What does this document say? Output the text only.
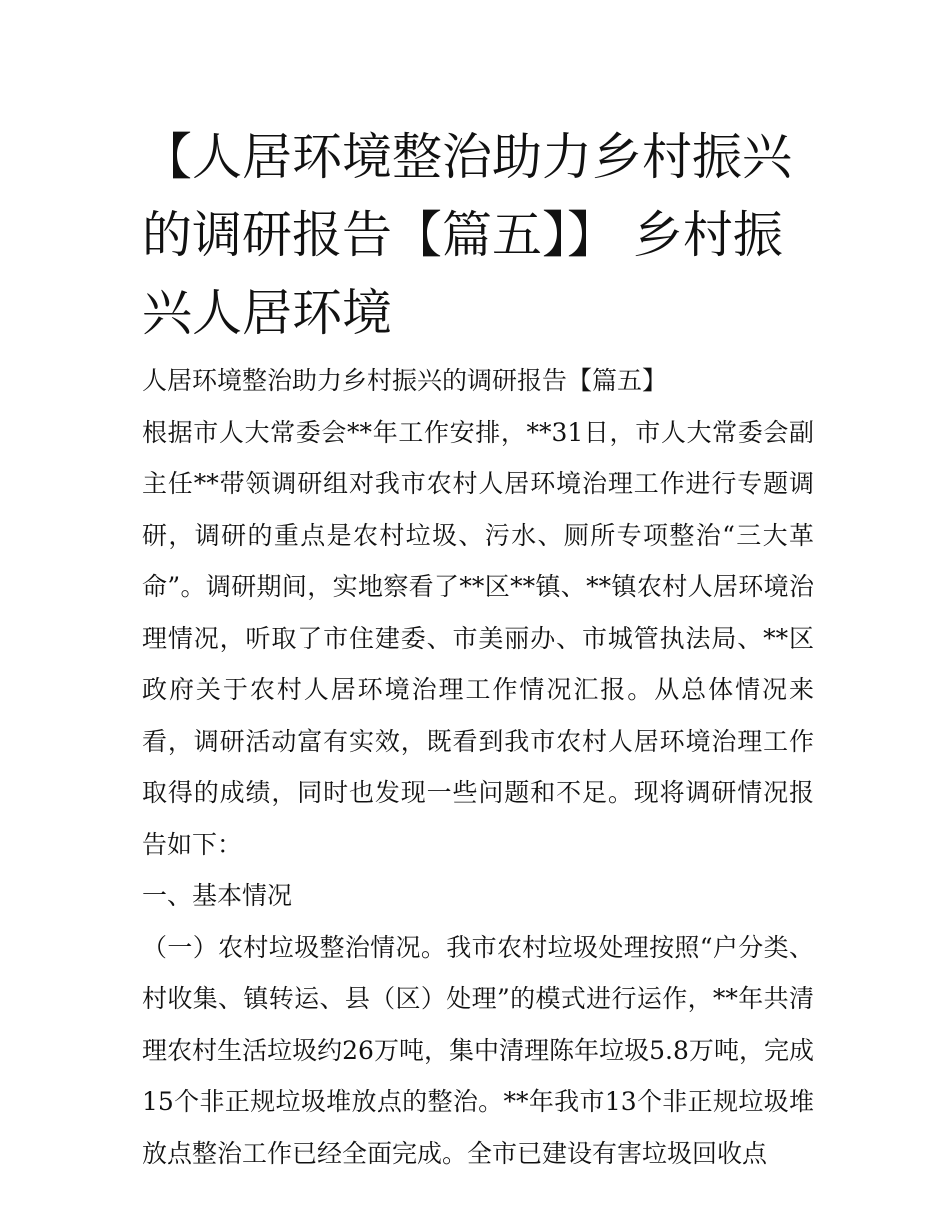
【人居环境整治助力乡村振兴的调研报告【篇五】】 乡村振兴人居环境

人居环境整治助力乡村振兴的调研报告【篇五】

根据市人大常委会**年工作安排，**31日，市人大常委会副主任**带领调研组对我市农村人居环境治理工作进行专题调研，调研的重点是农村垃圾、污水、厕所专项整治“三大革命”。调研期间，实地察看了**区**镇、**镇农村人居环境治理情况，听取了市住建委、市美丽办、市城管执法局、**区政府关于农村人居环境治理工作情况汇报。从总体情况来看，调研活动富有实效，既看到我市农村人居环境治理工作取得的成绩，同时也发现一些问题和不足。现将调研情况报告如下：

一、基本情况

（一）农村垃圾整治情况。我市农村垃圾处理按照“户分类、村收集、镇转运、县（区）处理”的模式进行运作，**年共清理农村生活垃圾约26万吨，集中清理陈年垃圾5.8万吨，完成15个非正规垃圾堆放点的整治。**年我市13个非正规垃圾堆放点整治工作已经全面完成。全市已建设有害垃圾回收点
